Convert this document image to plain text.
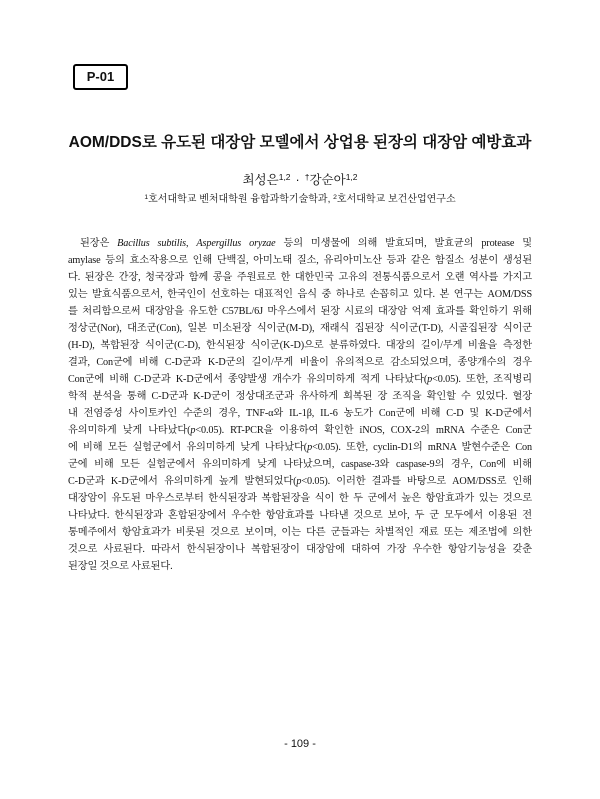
P-01
AOM/DDS로 유도된 대장암 모델에서 상업용 된장의 대장암 예방효과
최성은$^{1,2}$ · †강순아$^{1,2}$
$^1$호서대학교 벤처대학원 융합과학기술학과, $^2$호서대학교 보건산업연구소
된장은 Bacillus subtilis, Aspergillus oryzae 등의 미생물에 의해 발효되며, 발효균의 protease 및
amylase 등의 효소작용으로 인해 단백질, 아미노태 질소, 유리아미노산 등과 같은 함질소 성분이 생성된
다. 된장은 간장, 청국장과 함께 콩을 주원료로 한 대한민국 고유의 전통식품으로서 오랜 역사를 가지고
있는 발효식품으로서, 한국인이 선호하는 대표적인 음식 중 하나로 손꼽히고 있다. 본 연구는 AOM/DSS
를 처리함으로써 대장암을 유도한 C57BL/6J 마우스에서 된장 시료의 대장암 억제 효과를 확인하기 위해
정상군(Nor), 대조군(Con), 일본 미소된장 식이군(M-D), 재래식 집된장 식이군(T-D), 시골집된장 식이군
(H-D), 복합된장 식이군(C-D), 한식된장 식이군(K-D)으로 분류하였다. 대장의 길이/무게 비율을 측정한
결과, Con군에 비해 C-D군과 K-D군의 길이/무게 비율이 유의적으로 감소되었으며, 종양개수의 경우
Con군에 비해 C-D군과 K-D군에서 종양발생 개수가 유의미하게 적게 나타났다(p<0.05). 또한, 조직병리
학적 분석을 통해 C-D군과 K-D군이 정상대조군과 유사하게 회복된 장 조직을 확인할 수 있었다. 혈장
내 전염증성 사이토카인 수준의 경우, TNF-α와 IL-1β, IL-6 농도가 Con군에 비해 C-D 및 K-D군에서
유의미하게 낮게 나타났다(p<0.05). RT-PCR을 이용하여 확인한 iNOS, COX-2의 mRNA 수준은 Con군
에 비해 모든 실험군에서 유의미하게 낮게 나타났다(p<0.05). 또한, cyclin-D1의 mRNA 발현수준은 Con
군에 비해 모든 실험군에서 유의미하게 낮게 나타났으며, caspase-3와 caspase-9의 경우, Con에 비해
C-D군과 K-D군에서 유의미하게 높게 발현되었다(p<0.05). 이러한 결과를 바탕으로 AOM/DSS로 인해
대장암이 유도된 마우스로부터 한식된장과 복합된장을 식이 한 두 군에서 높은 항암효과가 있는 것으로
나타났다. 한식된장과 혼합된장에서 우수한 항암효과를 나타낸 것으로 보아, 두 군 모두에서 이용된 전
통메주에서 항암효과가 비롯된 것으로 보이며, 이는 다른 군들과는 차별적인 재료 또는 제조법에 의한
것으로 사료된다. 따라서 한식된장이나 복합된장이 대장암에 대하여 가장 우수한 항암기능성을 갖춘
된장일 것으로 사료된다.
- 109 -
